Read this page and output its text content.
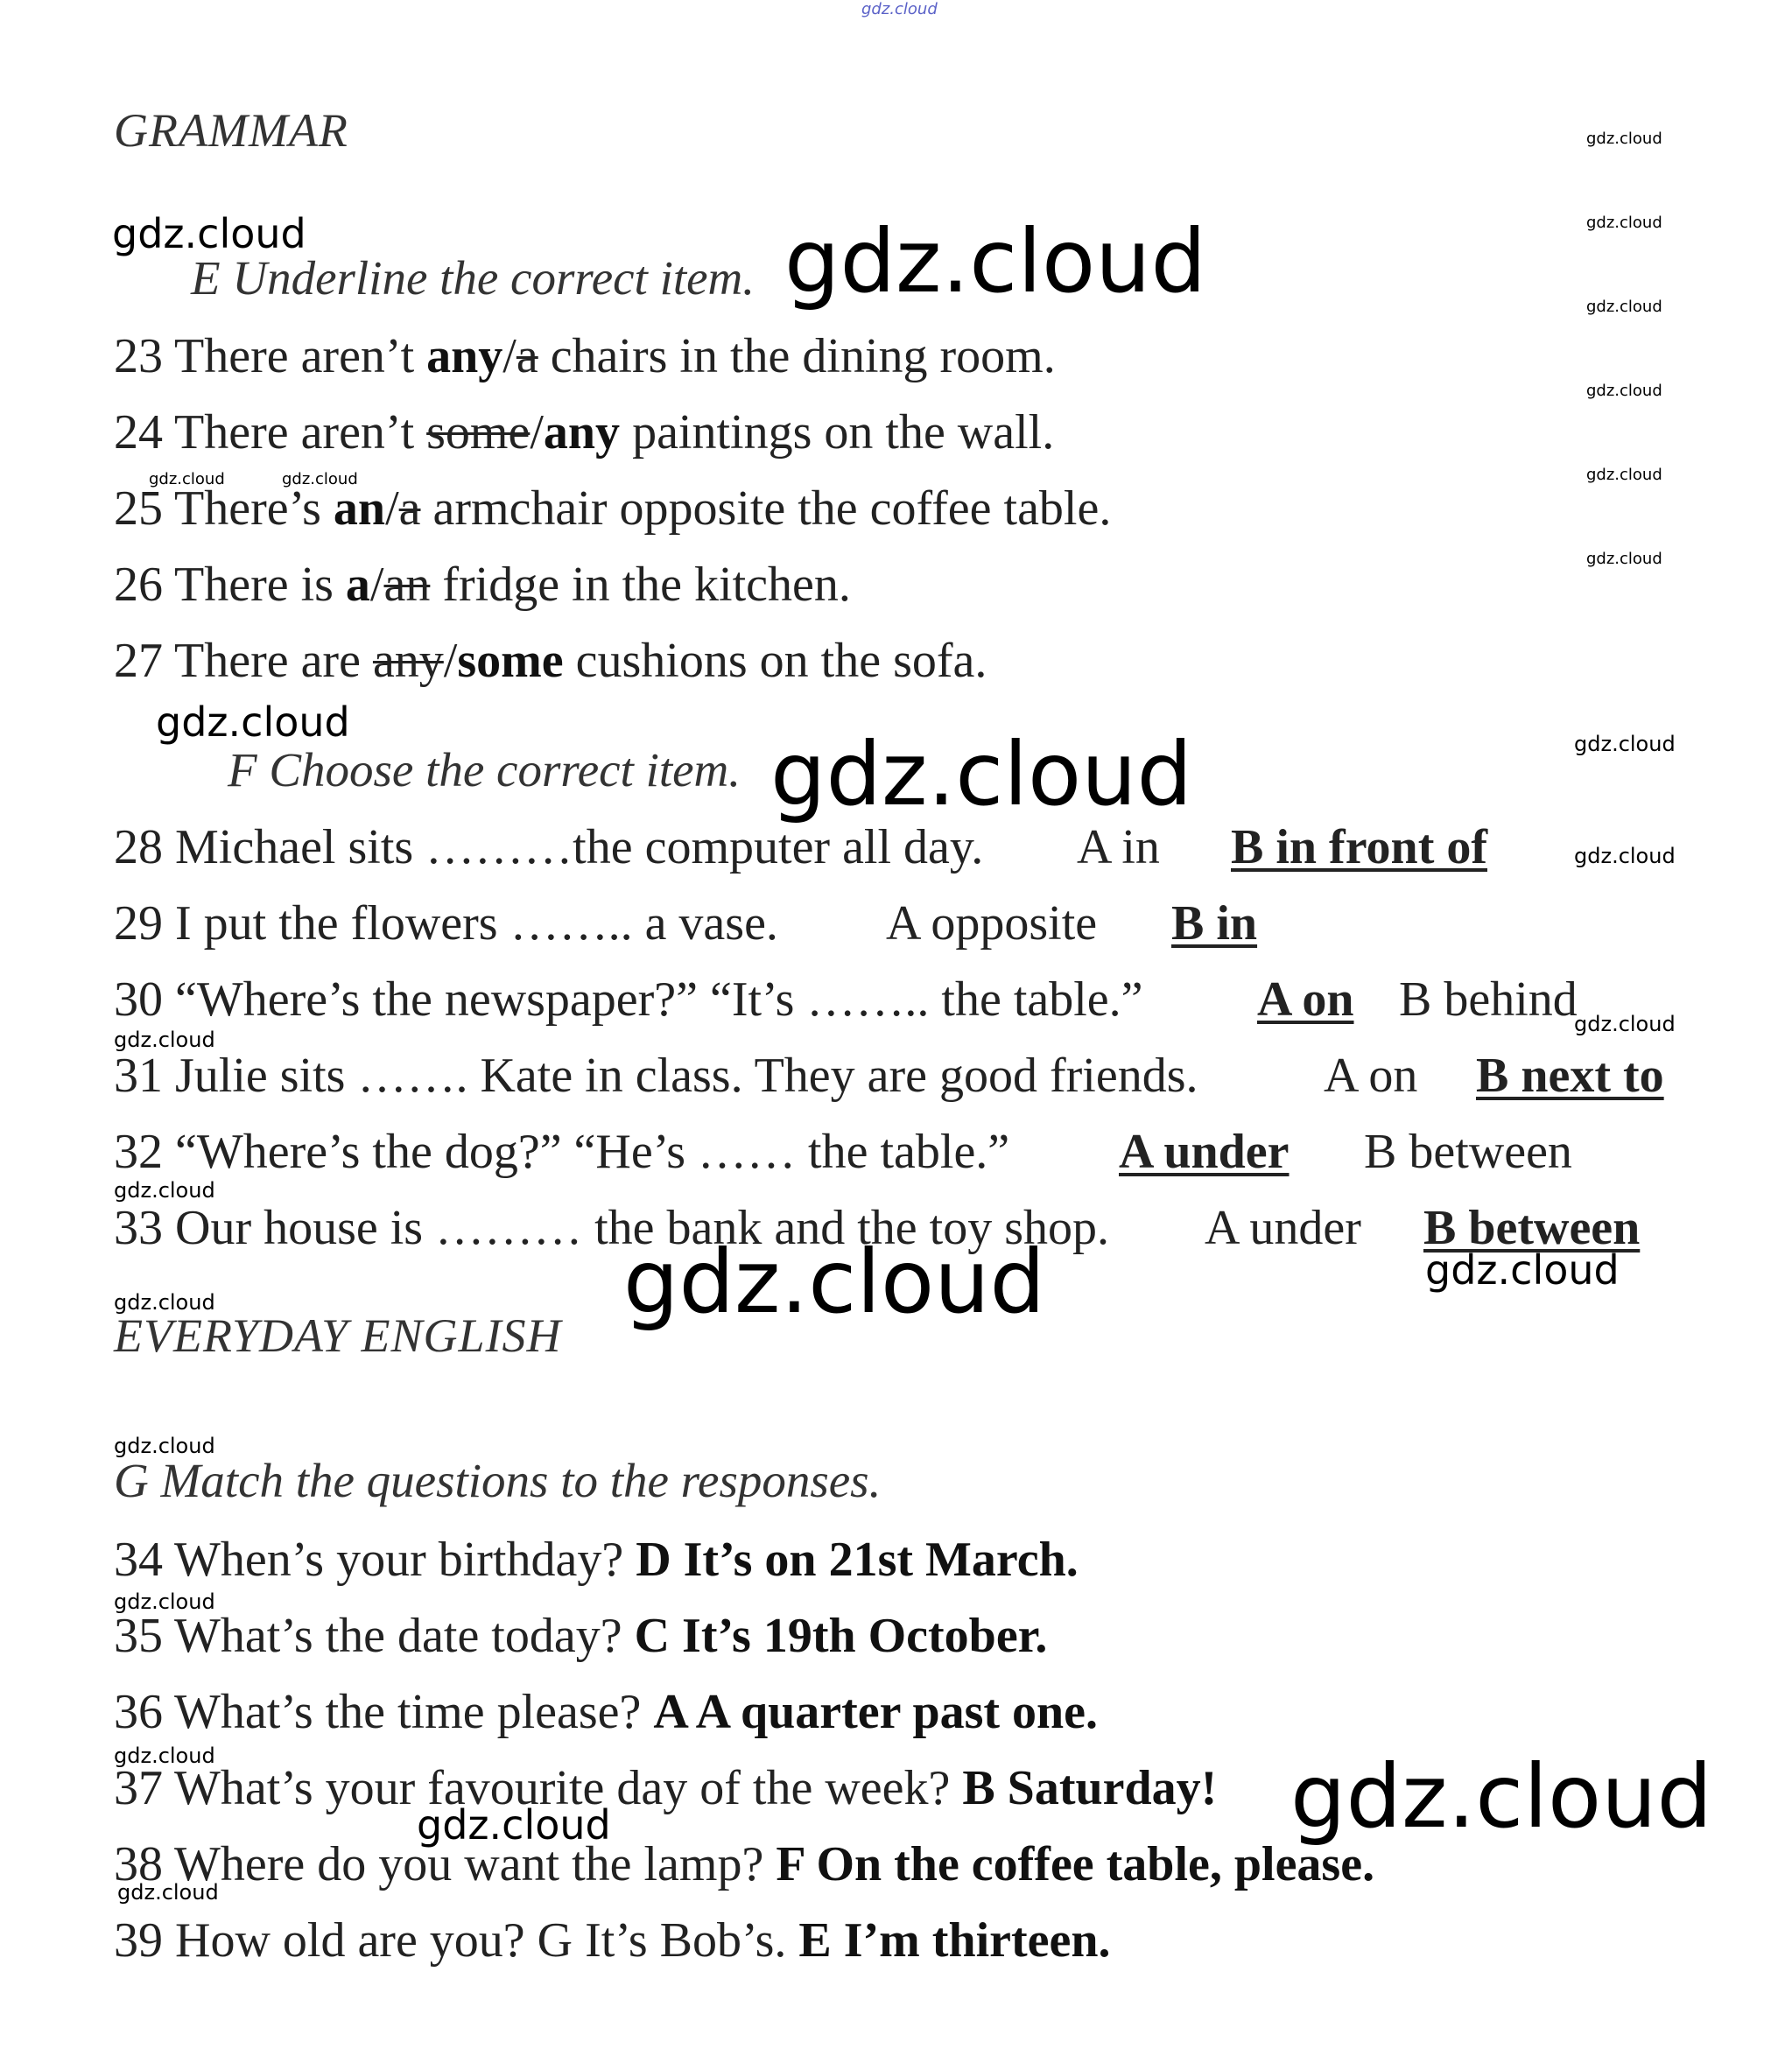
GRAMMAR
E Underline the correct item.
23 There aren’t any/a chairs in the dining room.
24 There aren’t some/any paintings on the wall.
25 There’s an/a armchair opposite the coffee table.
26 There is a/an fridge in the kitchen.
27 There are any/some cushions on the sofa.
F Choose the correct item.
28 Michael sits ………the computer all day. A in B in front of
29 I put the flowers …….. a vase. A opposite B in
30 “Where’s the newspaper?” “It’s …….. the table.” A on B behind
31 Julie sits ……. Kate in class. They are good friends.	A on B next to
32 “Where’s the dog?” “He’s …… the table.” A under B between
33 Our house is ……… the bank and the toy shop. A under B between
EVERYDAY ENGLISH
G Match the questions to the responses.
34 When’s your birthday? D It’s on 21st March.
35 What’s the date today? C It’s 19th October.
36 What’s the time please? A A quarter past one.
37 What’s your favourite day of the week? B Saturday!
38 Where do you want the lamp? F On the coffee table, please.
39 How old are you? G It’s Bob’s. E I’m thirteen.
gdz.cloud
gdz.cloud
gdz.cloud
gdz.cloud
gdz.cloud
gdz.cloud
gdz.cloud
gdz.cloud	gdz.cloud
gdz.cloud	gdz.cloud
gdz.cloud
gdz.cloud	gdz.cloud
gdz.cloud
gdz.cloud
gdz.cloud
gdz.cloud
gdz.cloud	gdz.cloud
gdz.cloud
gdz.cloud
gdz.cloud
gdz.cloud	gdz.cloud
gdz.cloud
gdz.cloud
